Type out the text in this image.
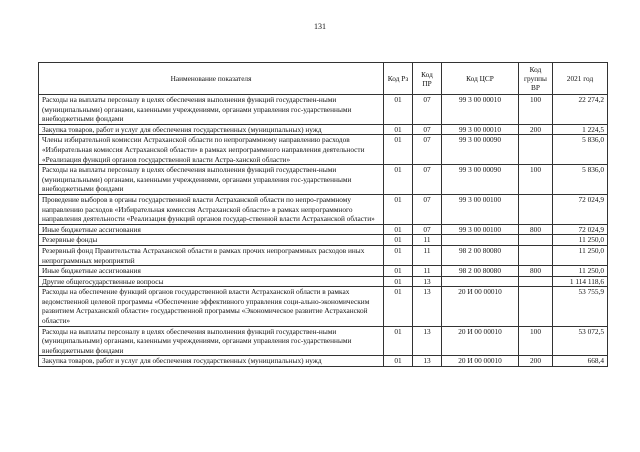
131
Наименование показателя	Код Рз	Код ПР	Код ЦСР	Код группы ВР	2021 год
Расходы на выплаты персоналу в целях обеспечения выполнения функций государствен-ными (муниципальными) органами, казенными учреждениями, органами управления гос-ударственными внебюджетными фондами	01	07	99 3 00 00010	100	22 274,2
Закупка товаров, работ и услуг для обеспечения государственных (муниципальных) нужд	01	07	99 3 00 00010	200	1 224,5
Члены избирательной комиссии Астраханской области по непрограммному направлению расходов «Избирательная комиссия Астраханской области» в рамках непрограммного направления деятельности «Реализация функций органов государственной власти Астра-ханской области»	01	07	99 3 00 00090		5 836,0
Расходы на выплаты персоналу в целях обеспечения выполнения функций государствен-ными (муниципальными) органами, казенными учреждениями, органами управления гос-ударственными внебюджетными фондами	01	07	99 3 00 00090	100	5 836,0
Проведение выборов в органы государственной власти Астраханской области по непро-граммному направлению расходов «Избирательная комиссия Астраханской области» в рамках непрограммного направления деятельности «Реализация функций органов государ-ственной власти Астраханской области»	01	07	99 3 00 00100		72 024,9
Иные бюджетные ассигнования	01	07	99 3 00 00100	800	72 024,9
Резервные фонды	01	11			11 250,0
Резервный фонд Правительства Астраханской области в рамках прочих непрограммных расходов иных непрограммных мероприятий	01	11	98 2 00 80080		11 250,0
Иные бюджетные ассигнования	01	11	98 2 00 80080	800	11 250,0
Другие общегосударственные вопросы	01	13			1 114 118,6
Расходы на обеспечение функций органов государственной власти Астраханской области в рамках ведомственной целевой программы «Обеспечение эффективного управления соци-ально-экономическим развитием Астраханской области» государственной программы «Экономическое развитие Астраханской области»	01	13	20 И 00 00010		53 755,9
Расходы на выплаты персоналу в целях обеспечения выполнения функций государствен-ными (муниципальными) органами, казенными учреждениями, органами управления гос-ударственными внебюджетными фондами	01	13	20 И 00 00010	100	53 072,5
Закупка товаров, работ и услуг для обеспечения государственных (муниципальных) нужд	01	13	20 И 00 00010	200	668,4
